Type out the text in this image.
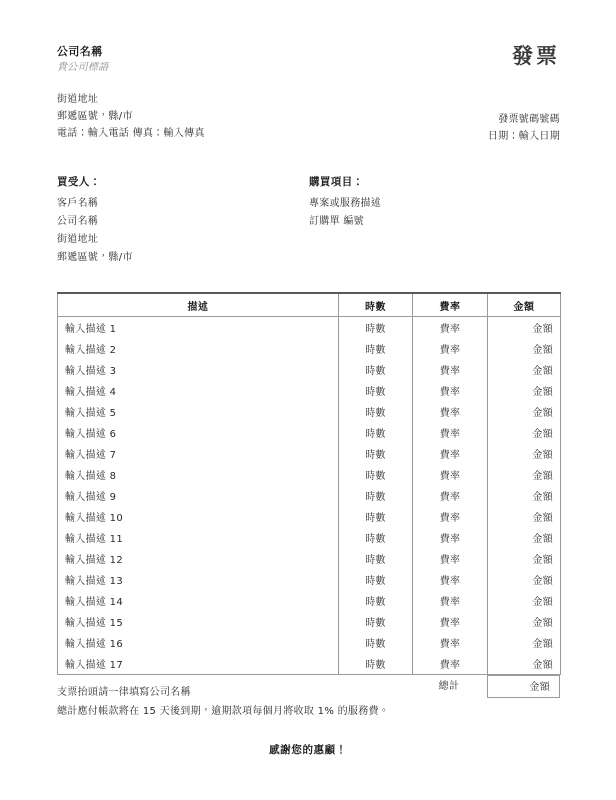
公司名稱
貴公司標語
街道地址
郵遞區號，縣/市
電話：輸入電話 傳真：輸入傳真
發票
發票號碼號碼
日期：輸入日期
買受人：
客戶名稱
公司名稱
街道地址
郵遞區號，縣/市
購買項目：
專案或服務描述
訂購單 編號
描述	時數	費率	金額
輸入描述 1	時數	費率	金額
輸入描述 2	時數	費率	金額
輸入描述 3	時數	費率	金額
輸入描述 4	時數	費率	金額
輸入描述 5	時數	費率	金額
輸入描述 6	時數	費率	金額
輸入描述 7	時數	費率	金額
輸入描述 8	時數	費率	金額
輸入描述 9	時數	費率	金額
輸入描述 10	時數	費率	金額
輸入描述 11	時數	費率	金額
輸入描述 12	時數	費率	金額
輸入描述 13	時數	費率	金額
輸入描述 14	時數	費率	金額
輸入描述 15	時數	費率	金額
輸入描述 16	時數	費率	金額
輸入描述 17	時數	費率	金額
總計	金額
支票抬頭請一律填寫公司名稱
總計應付帳款將在 15 天後到期，逾期款項每個月將收取 1% 的服務費。
感謝您的惠顧！
